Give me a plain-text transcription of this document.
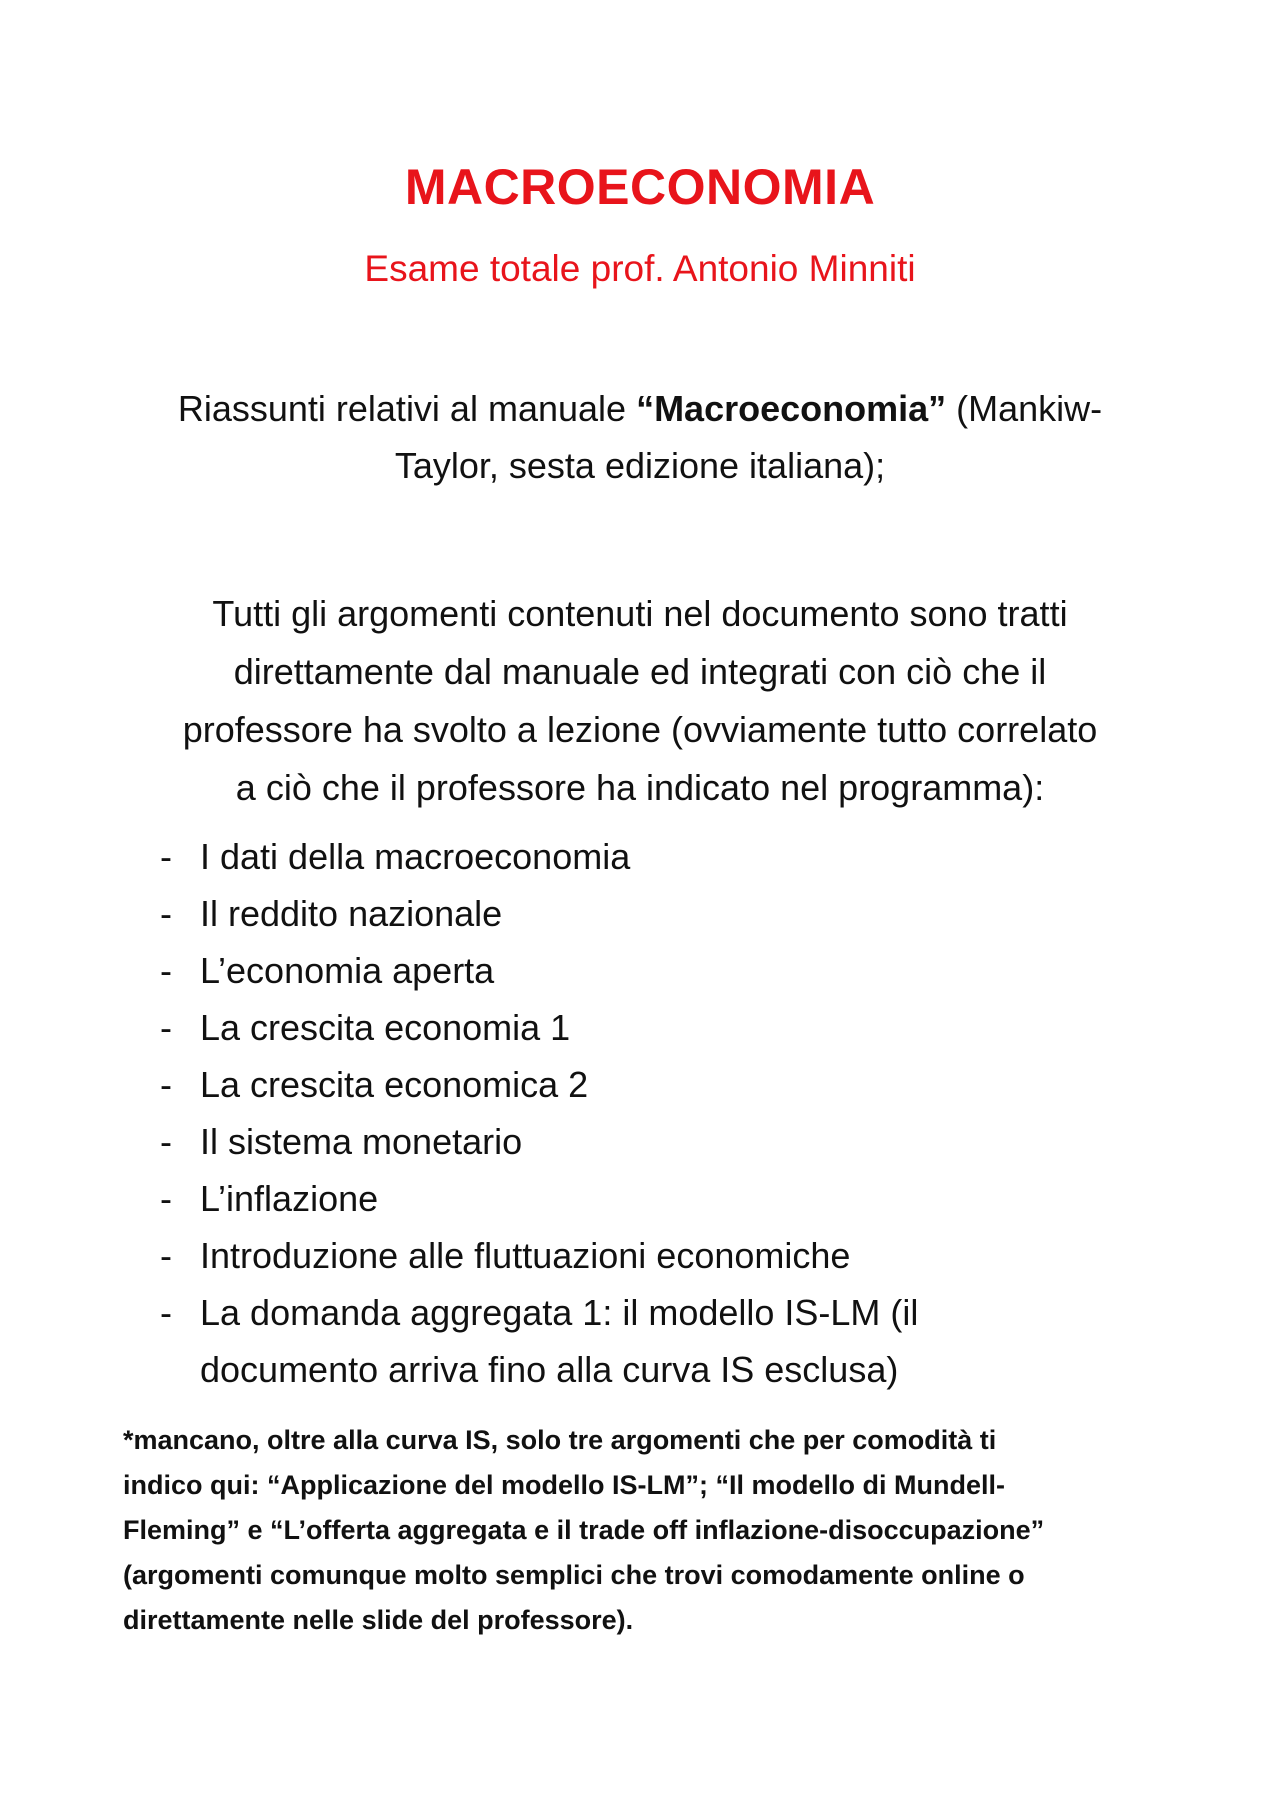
MACROECONOMIA
Esame totale prof. Antonio Minniti
Riassunti relativi al manuale “Macroeconomia” (Mankiw-
Taylor, sesta edizione italiana);
Tutti gli argomenti contenuti nel documento sono tratti
direttamente dal manuale ed integrati con ciò che il
professore ha svolto a lezione (ovviamente tutto correlato
a ciò che il professore ha indicato nel programma):
- I dati della macroeconomia
- Il reddito nazionale
- L’economia aperta
- La crescita economia 1
- La crescita economica 2
- Il sistema monetario
- L’inflazione
- Introduzione alle fluttuazioni economiche
- La domanda aggregata 1: il modello IS-LM (il
documento arriva fino alla curva IS esclusa)
*mancano, oltre alla curva IS, solo tre argomenti che per comodità ti
indico qui: “Applicazione del modello IS-LM”; “Il modello di Mundell-
Fleming” e “L’offerta aggregata e il trade off inflazione-disoccupazione”
(argomenti comunque molto semplici che trovi comodamente online o
direttamente nelle slide del professore).
